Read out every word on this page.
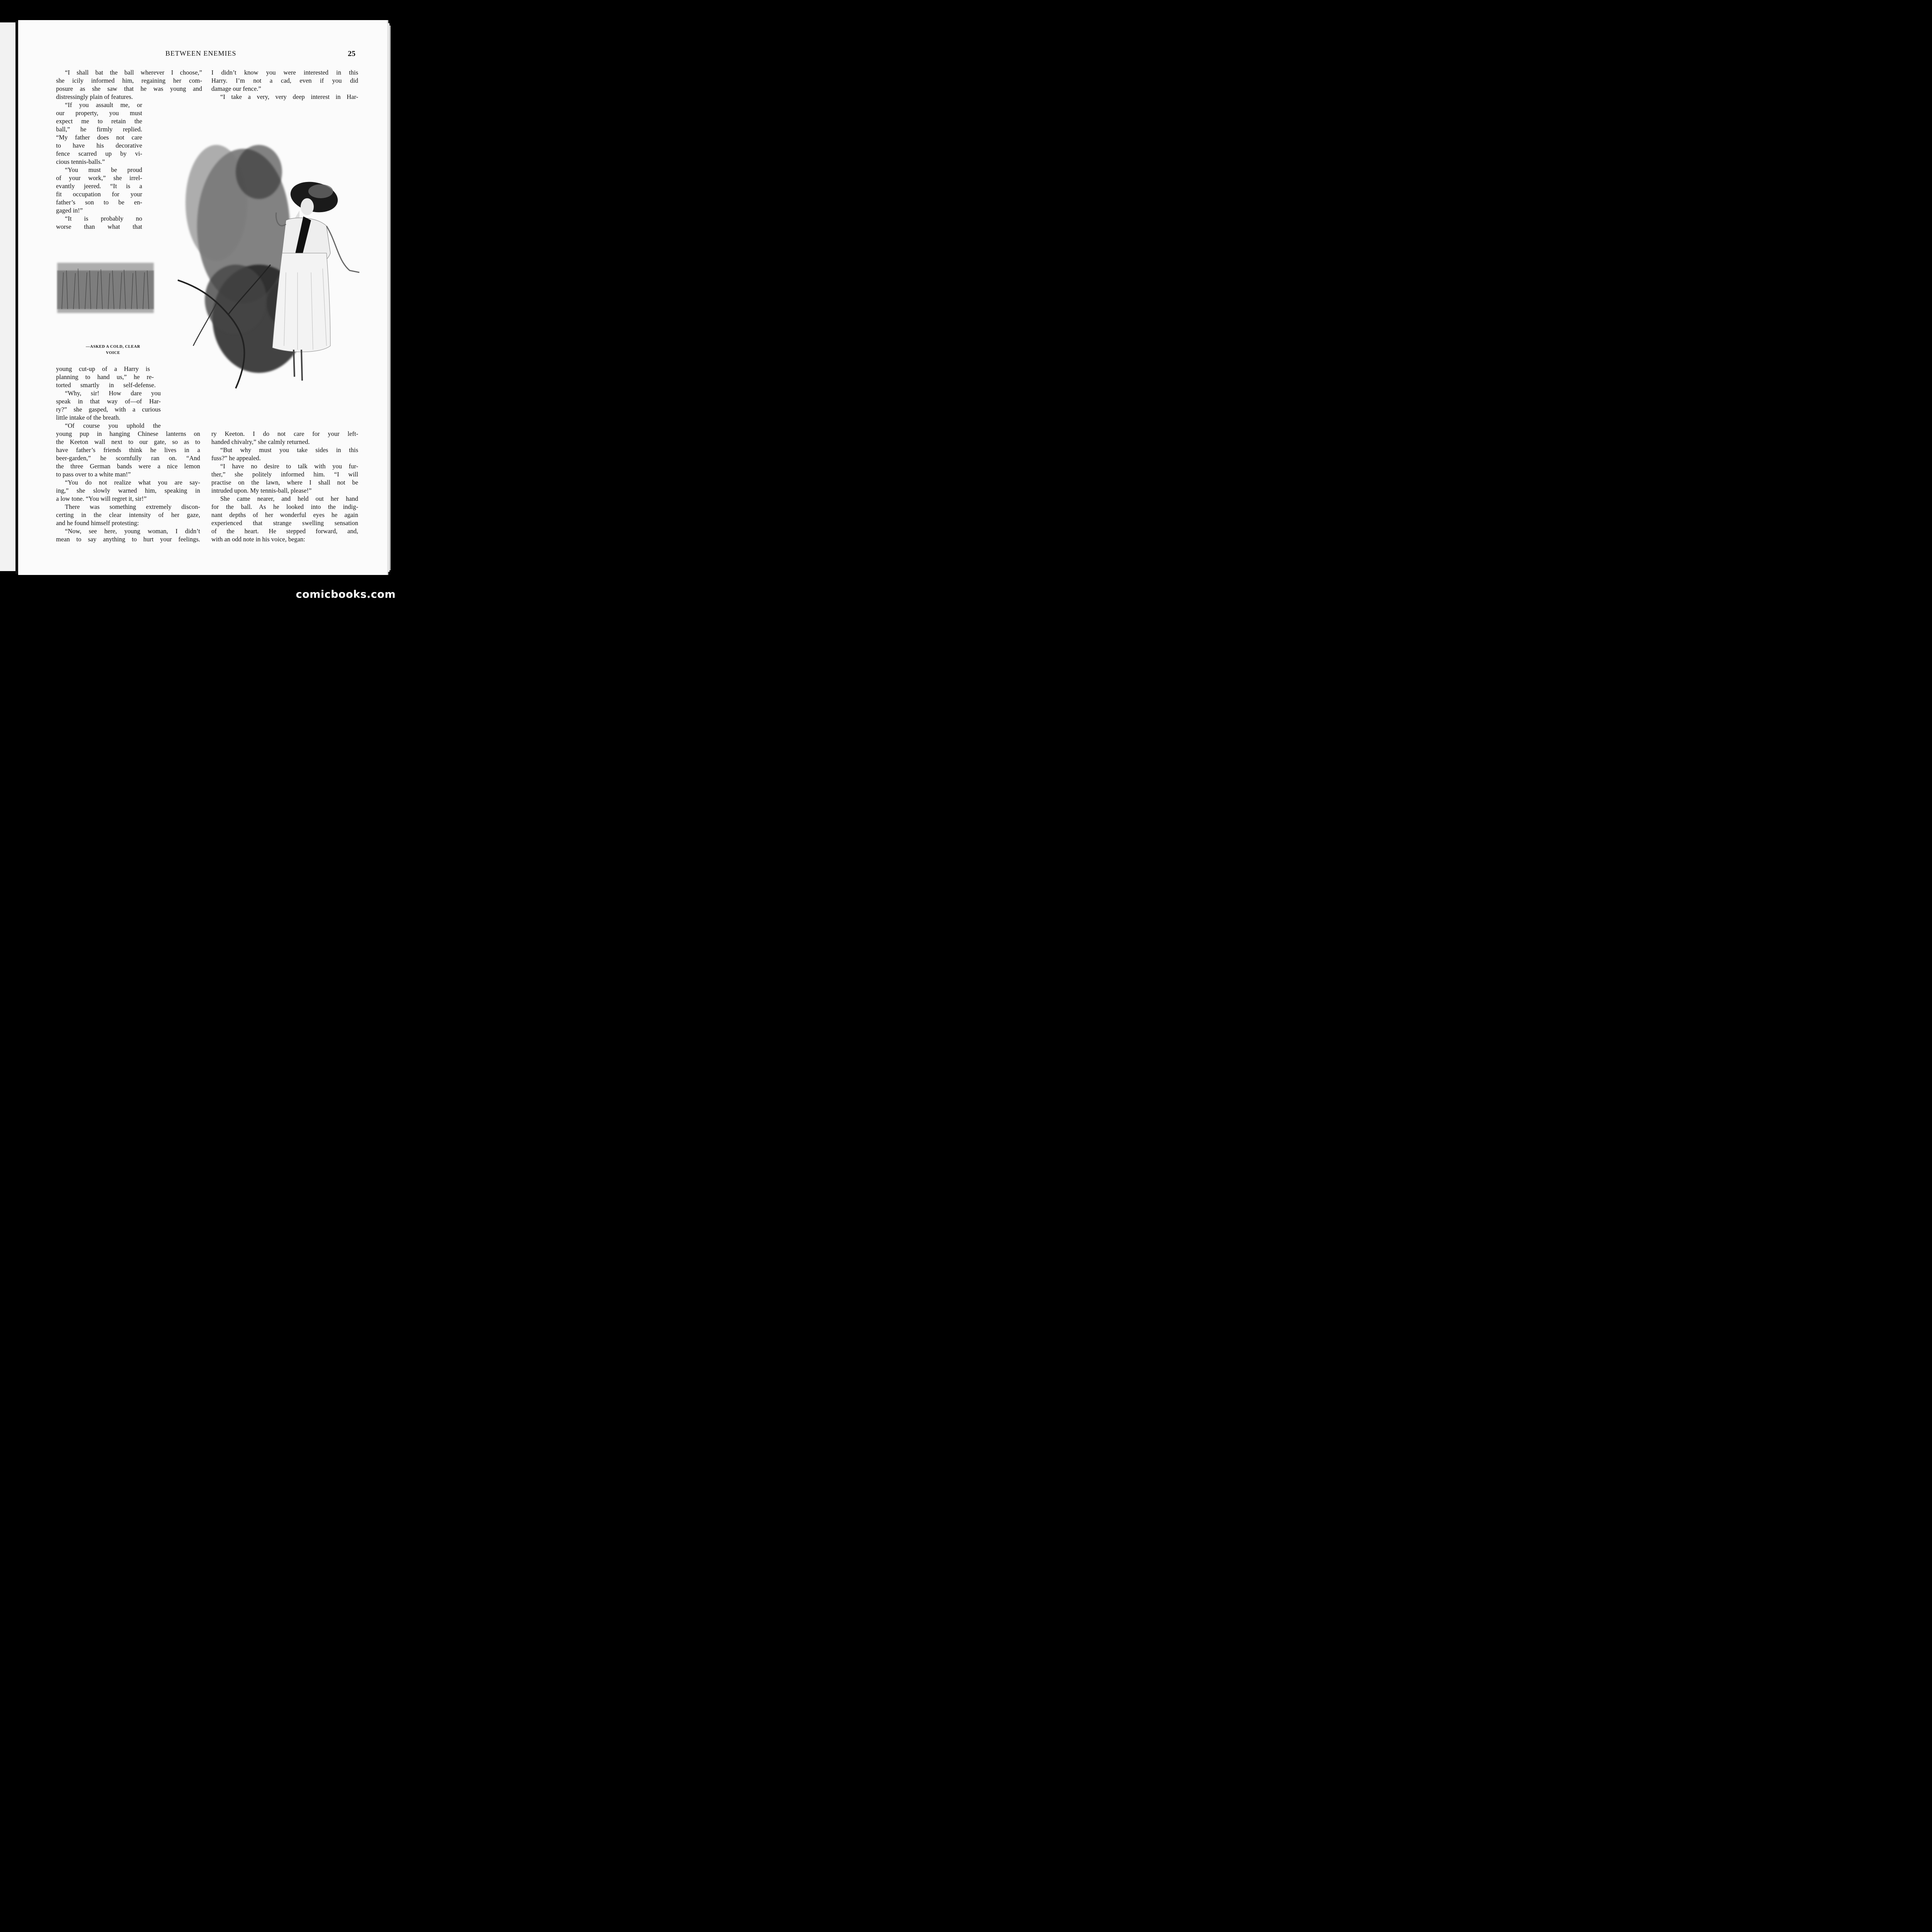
BETWEEN ENEMIES	25
—ASKED A COLD, CLEAR
VOICE
“I shall bat the ball wherever I choose,”
she icily informed him, regaining her com-
posure as she saw that he was young and
distressingly plain of features.
“If you assault me, or
our property, you must
expect me to retain the
ball,” he firmly replied.
“My father does not care
to have his decorative
fence scarred up by vi-
cious tennis-balls.”
“You must be proud
of your work,” she irrel-
evantly jeered. “It is a
fit occupation for your
father’s son to be en-
gaged in!”
“It is probably no
worse than what that
young cut-up of a Harry is
planning to hand us,” he re-
torted smartly in self-defense.
“Why, sir! How dare you
speak in that way of—of Har-
ry?” she gasped, with a curious
little intake of the breath.
“Of course you uphold the
young pup in hanging Chinese lanterns on
the Keeton wall next to our gate, so as to
have father’s friends think he lives in a
beer-garden,” he scornfully ran on. “And
the three German bands were a nice lemon
to pass over to a white man!”
“You do not realize what you are say-
ing,” she slowly warned him, speaking in
a low tone. “You will regret it, sir!”
There was something extremely discon-
certing in the clear intensity of her gaze,
and he found himself protesting:
“Now, see here, young woman, I didn’t
mean to say anything to hurt your feelings.
I didn’t know you were interested in this
Harry. I’m not a cad, even if you did
damage our fence.”
“I take a very, very deep interest in Har-
ry Keeton. I do not care for your left-
handed chivalry,” she calmly returned.
“But why must you take sides in this
fuss?” he appealed.
“I have no desire to talk with you fur-
ther,” she politely informed him. “I will
practise on the lawn, where I shall not be
intruded upon. My tennis-ball, please!”
She came nearer, and held out her hand
for the ball. As he looked into the indig-
nant depths of her wonderful eyes he again
experienced that strange swelling sensation
of the heart. He stepped forward, and,
with an odd note in his voice, began:
comicbooks.com
